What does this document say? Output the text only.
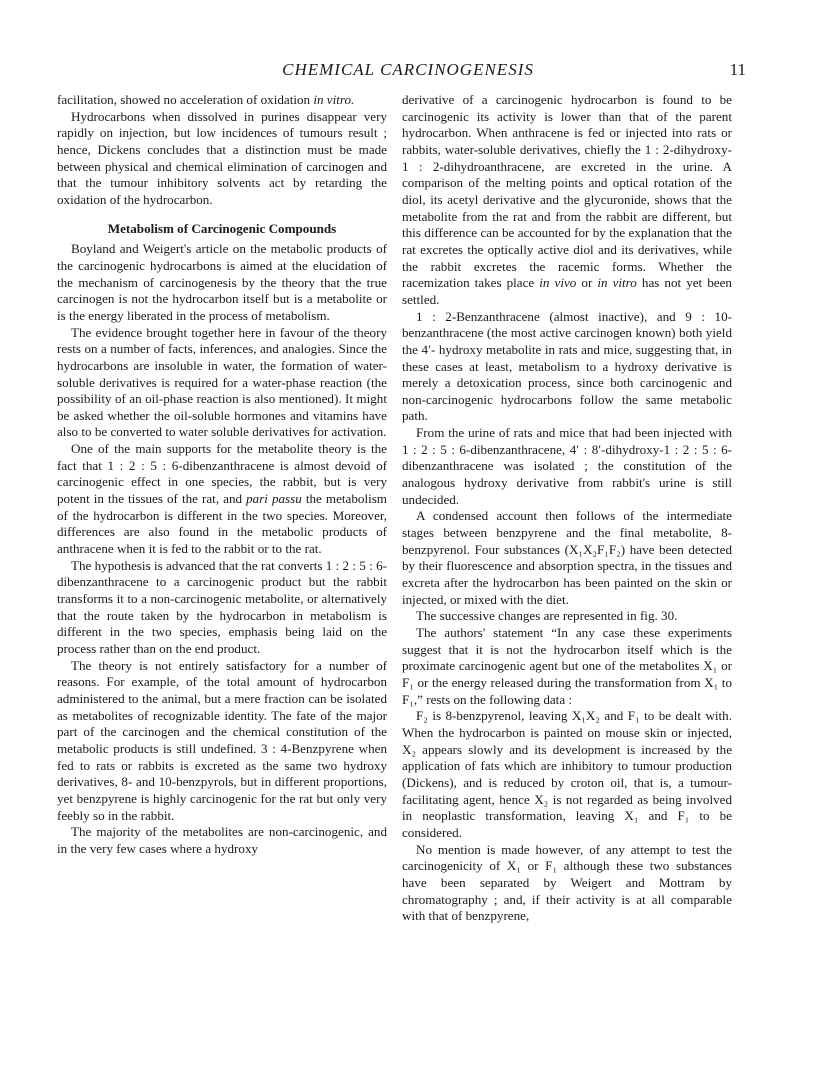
CHEMICAL CARCINOGENESIS	11

facilitation, showed no acceleration of oxidation in vitro.

Hydrocarbons when dissolved in purines disappear very rapidly on injection, but low incidences of tumours result ; hence, Dickens concludes that a distinction must be made between physical and chemical elimination of carcinogen and that the tumour inhibitory solvents act by retarding the oxidation of the hydrocarbon.

Metabolism of Carcinogenic Compounds

Boyland and Weigert's article on the metabolic products of the carcinogenic hydrocarbons is aimed at the elucidation of the mechanism of carcinogenesis by the theory that the true carcinogen is not the hydrocarbon itself but is a metabolite or is the energy liberated in the process of metabolism.

The evidence brought together here in favour of the theory rests on a number of facts, inferences, and analogies. Since the hydrocarbons are insoluble in water, the formation of water-soluble derivatives is required for a water-phase reaction (the possibility of an oil-phase reaction is also mentioned). It might be asked whether the oil-soluble hormones and vitamins have also to be converted to water soluble derivatives for activation.

One of the main supports for the metabolite theory is the fact that 1 : 2 : 5 : 6-dibenzanthracene is almost devoid of carcinogenic effect in one species, the rabbit, but is very potent in the tissues of the rat, and pari passu the metabolism of the hydrocarbon is different in the two species. Moreover, differences are also found in the metabolic products of anthracene when it is fed to the rabbit or to the rat.

The hypothesis is advanced that the rat converts 1 : 2 : 5 : 6-dibenzanthracene to a carcinogenic product but the rabbit transforms it to a non-carcinogenic metabolite, or alternatively that the route taken by the hydrocarbon in metabolism is different in the two species, emphasis being laid on the process rather than on the end product.

The theory is not entirely satisfactory for a number of reasons. For example, of the total amount of hydrocarbon administered to the animal, but a mere fraction can be isolated as metabolites of recognizable identity. The fate of the major part of the carcinogen and the chemical constitution of the metabolic products is still undefined. 3 : 4-Benzpyrene when fed to rats or rabbits is excreted as the same two hydroxy derivatives, 8- and 10-benzpyrols, but in different proportions, yet benzpyrene is highly carcinogenic for the rat but only very feebly so in the rabbit.

The majority of the metabolites are non-carcinogenic, and in the very few cases where a hydroxy

derivative of a carcinogenic hydrocarbon is found to be carcinogenic its activity is lower than that of the parent hydrocarbon. When anthracene is fed or injected into rats or rabbits, water-soluble derivatives, chiefly the 1 : 2-dihydroxy-1 : 2-dihydroanthracene, are excreted in the urine. A comparison of the melting points and optical rotation of the diol, its acetyl derivative and the glycuronide, shows that the metabolite from the rat and from the rabbit are different, but this difference can be accounted for by the explanation that the rat excretes the optically active diol and its derivatives, while the rabbit excretes the racemic forms. Whether the racemization takes place in vivo or in vitro has not yet been settled.

1 : 2-Benzanthracene (almost inactive), and 9 : 10-benzanthracene (the most active carcinogen known) both yield the 4′- hydroxy metabolite in rats and mice, suggesting that, in these cases at least, metabolism to a hydroxy derivative is merely a detoxication process, since both carcinogenic and non-carcinogenic hydrocarbons follow the same metabolic path.

From the urine of rats and mice that had been injected with 1 : 2 : 5 : 6-dibenzanthracene, 4′ : 8′-dihydroxy-1 : 2 : 5 : 6-dibenzanthracene was isolated ; the constitution of the analogous hydroxy derivative from rabbit's urine is still undecided.

A condensed account then follows of the intermediate stages between benzpyrene and the final metabolite, 8-benzpyrenol. Four substances (X₁X₂F₁F₂) have been detected by their fluorescence and absorption spectra, in the tissues and excreta after the hydrocarbon has been painted on the skin or injected, or mixed with the diet.

The successive changes are represented in fig. 30.

The authors' statement “In any case these experiments suggest that it is not the hydrocarbon itself which is the proximate carcinogenic agent but one of the metabolites X₁ or F₁ or the energy released during the transformation from X₁ to F₁,” rests on the following data :

F₂ is 8-benzpyrenol, leaving X₁X₂ and F₁ to be dealt with. When the hydrocarbon is painted on mouse skin or injected, X₂ appears slowly and its development is increased by the application of fats which are inhibitory to tumour production (Dickens), and is reduced by croton oil, that is, a tumour-facilitating agent, hence X₂ is not regarded as being involved in neoplastic transformation, leaving X₁ and F₁ to be considered.

No mention is made however, of any attempt to test the carcinogenicity of X₁ or F₁ although these two substances have been separated by Weigert and Mottram by chromatography ; and, if their activity is at all comparable with that of benzpyrene,
